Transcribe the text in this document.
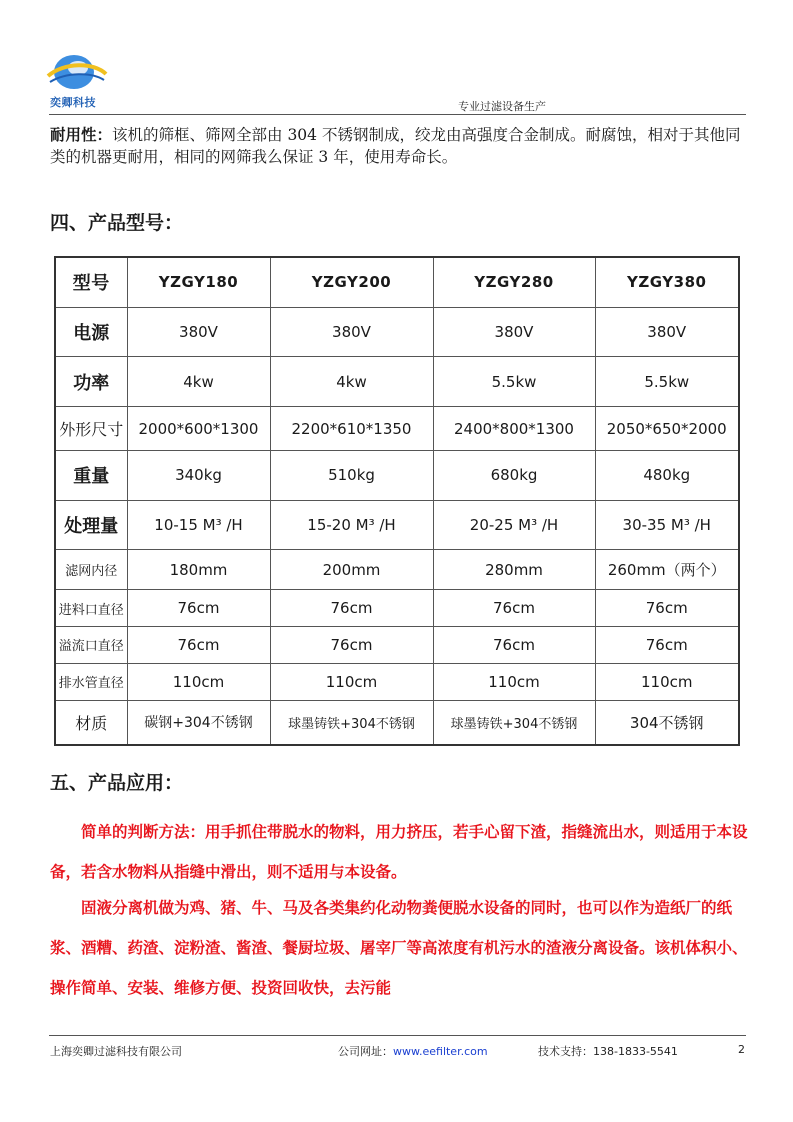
奕卿科技	专业过滤设备生产
耐用性：该机的筛框、筛网全部由 304 不锈钢制成，绞龙由高强度合金制成。耐腐蚀，相对于其他同类的机器更耐用，相同的网筛我么保证 3 年，使用寿命长。
四、产品型号：
型号	YZGY180	YZGY200	YZGY280	YZGY380
电源	380V	380V	380V	380V
功率	4kw	4kw	5.5kw	5.5kw
外形尺寸	2000*600*1300	2200*610*1350	2400*800*1300	2050*650*2000
重量	340kg	510kg	680kg	480kg
处理量	10-15 M³ /H	15-20 M³ /H	20-25 M³ /H	30-35 M³ /H
滤网内径	180mm	200mm	280mm	260mm（两个）
进料口直径	76cm	76cm	76cm	76cm
溢流口直径	76cm	76cm	76cm	76cm
排水管直径	110cm	110cm	110cm	110cm
材质	碳钢+304不锈钢	球墨铸铁+304不锈钢	球墨铸铁+304不锈钢	304不锈钢
五、产品应用：
简单的判断方法：用手抓住带脱水的物料，用力挤压，若手心留下渣，指缝流出水，则适用于本设备，若含水物料从指缝中滑出，则不适用与本设备。
固液分离机做为鸡、猪、牛、马及各类集约化动物粪便脱水设备的同时，也可以作为造纸厂的纸浆、酒糟、药渣、淀粉渣、酱渣、餐厨垃圾、屠宰厂等高浓度有机污水的渣液分离设备。该机体积小、操作简单、安装、维修方便、投资回收快，去污能
上海奕卿过滤科技有限公司	公司网址：www.eefilter.com	技术支持：138-1833-5541	2
